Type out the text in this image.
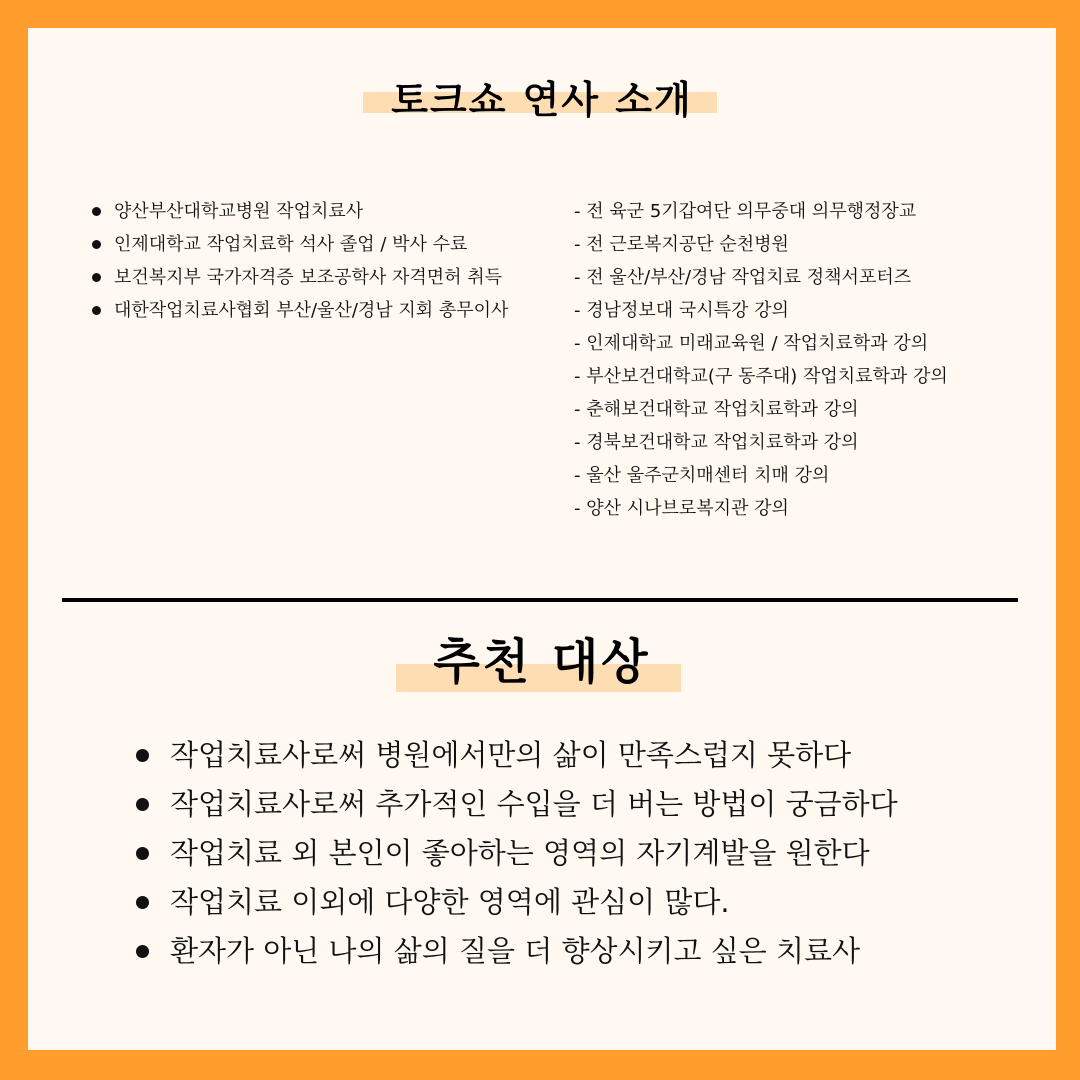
토크쇼 연사 소개
양산부산대학교병원 작업치료사
인제대학교 작업치료학 석사 졸업 / 박사 수료
보건복지부 국가자격증 보조공학사 자격면허 취득
대한작업치료사협회 부산/울산/경남 지회 총무이사
- 전 육군 5기갑여단 의무중대 의무행정장교
- 전 근로복지공단 순천병원
- 전 울산/부산/경남 작업치료 정책서포터즈
- 경남정보대 국시특강 강의
- 인제대학교 미래교육원 / 작업치료학과 강의
- 부산보건대학교(구 동주대) 작업치료학과 강의
- 춘해보건대학교 작업치료학과 강의
- 경북보건대학교 작업치료학과 강의
- 울산 울주군치매센터 치매 강의
- 양산 시나브로복지관 강의
추천 대상
작업치료사로써 병원에서만의 삶이 만족스럽지 못하다
작업치료사로써 추가적인 수입을 더 버는 방법이 궁금하다
작업치료 외 본인이 좋아하는 영역의 자기계발을 원한다
작업치료 이외에 다양한 영역에 관심이 많다.
환자가 아닌 나의 삶의 질을 더 향상시키고 싶은 치료사
